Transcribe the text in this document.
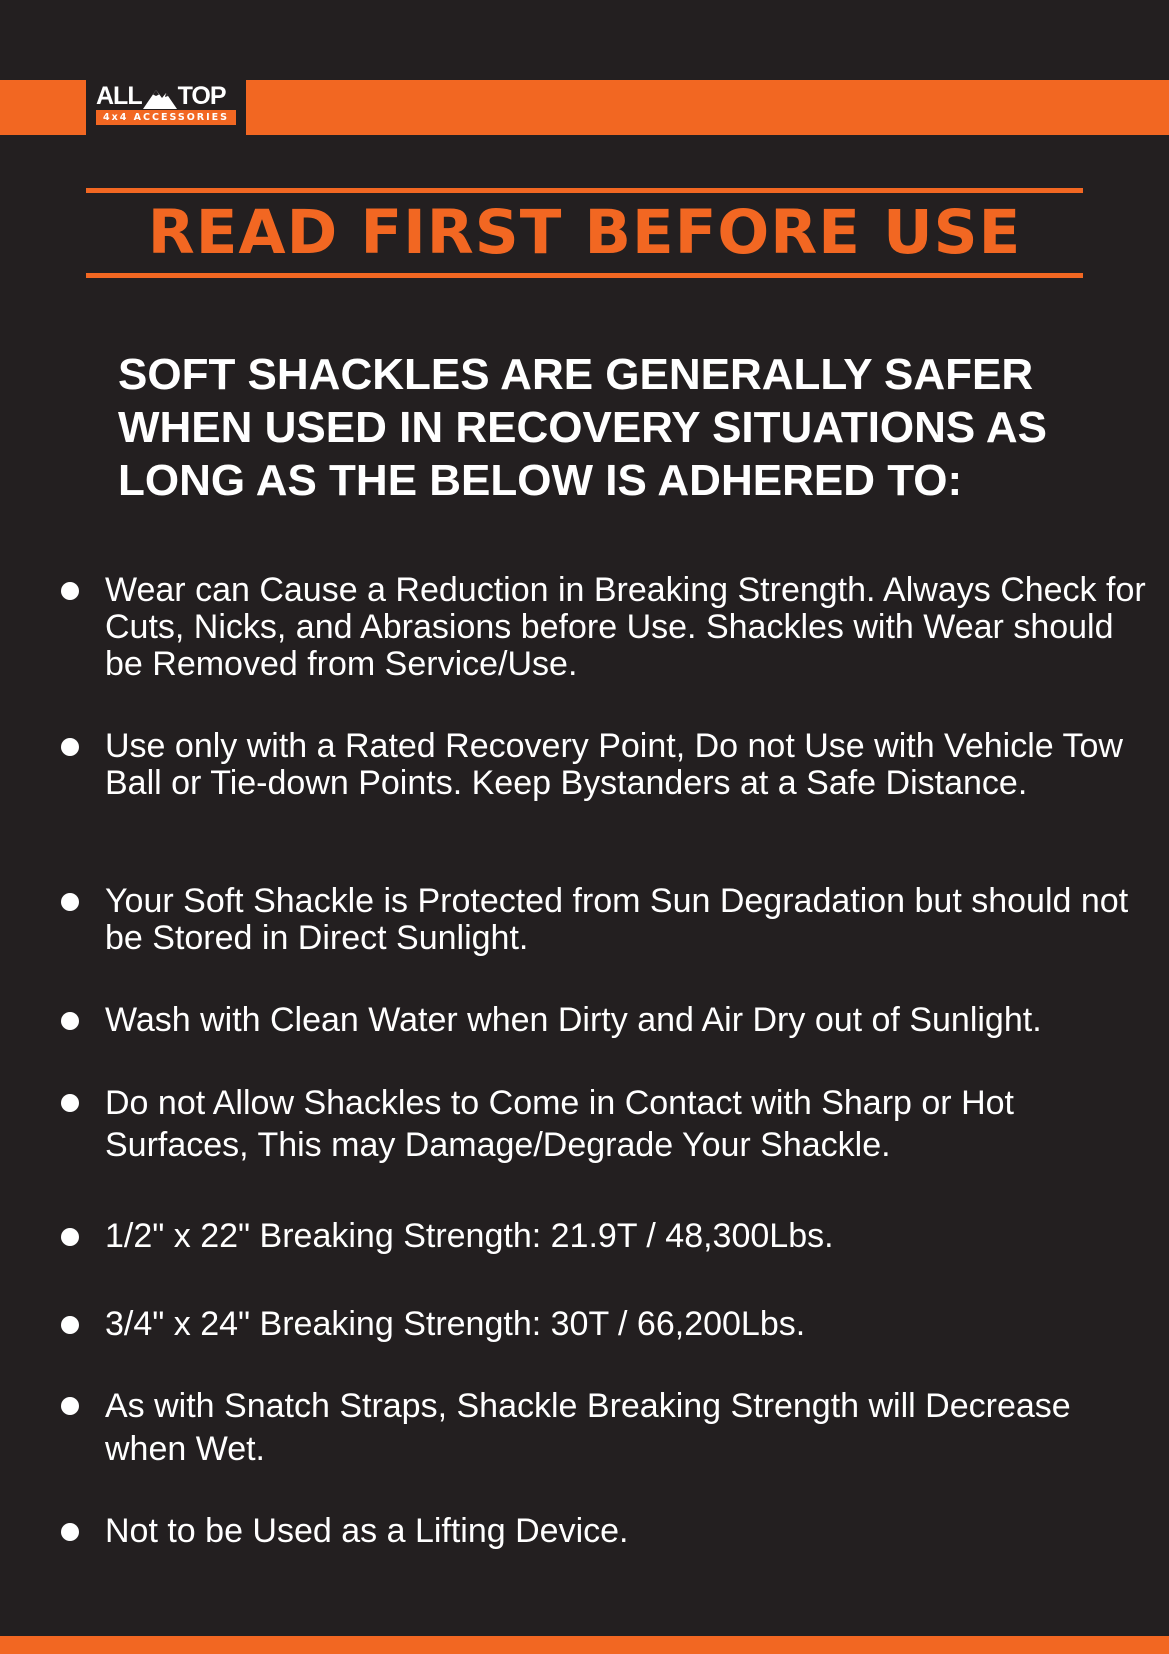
ALL TOP
4x4 ACCESSORIES
READ FIRST BEFORE USE

SOFT SHACKLES ARE GENERALLY SAFER WHEN USED IN RECOVERY SITUATIONS AS LONG AS THE BELOW IS ADHERED TO:

Wear can Cause a Reduction in Breaking Strength. Always Check for Cuts, Nicks, and Abrasions before Use. Shackles with Wear should be Removed from Service/Use.
Use only with a Rated Recovery Point, Do not Use with Vehicle Tow Ball or Tie-down Points. Keep Bystanders at a Safe Distance.
Your Soft Shackle is Protected from Sun Degradation but should not be Stored in Direct Sunlight.
Wash with Clean Water when Dirty and Air Dry out of Sunlight.
Do not Allow Shackles to Come in Contact with Sharp or Hot Surfaces, This may Damage/Degrade Your Shackle.
1/2" x 22" Breaking Strength: 21.9T / 48,300Lbs.
3/4" x 24" Breaking Strength: 30T / 66,200Lbs.
As with Snatch Straps, Shackle Breaking Strength will Decrease when Wet.
Not to be Used as a Lifting Device.
